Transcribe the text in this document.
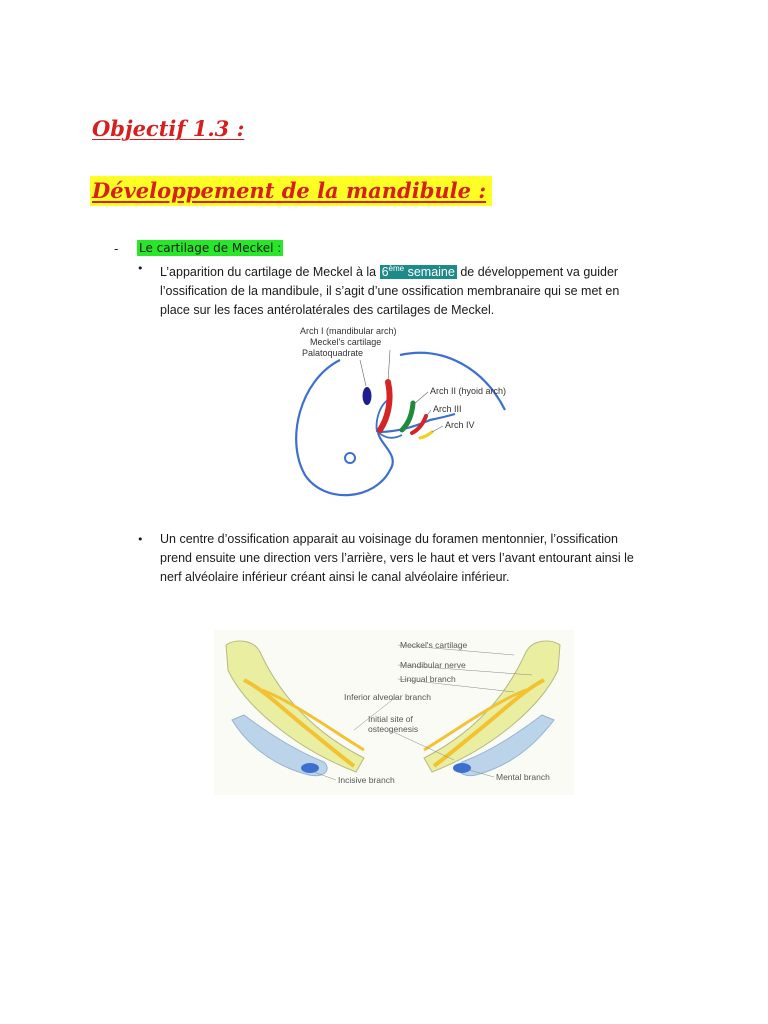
Objectif 1.3 :
Développement de la mandibule :
- Le cartilage de Meckel :
• L’apparition du cartilage de Meckel à la 6ème semaine de développement va guider
l’ossification de la mandibule, il s’agit d’une ossification membranaire qui se met en
place sur les faces antérolatérales des cartilages de Meckel.
Arch I (mandibular arch)
Meckel's cartilage
Palatoquadrate
Arch II (hyoid arch)
Arch III
Arch IV
• Un centre d’ossification apparait au voisinage du foramen mentonnier, l’ossification
prend ensuite une direction vers l’arrière, vers le haut et vers l’avant entourant ainsi le
nerf alvéolaire inférieur créant ainsi le canal alvéolaire inférieur.
Meckel's cartilage
Mandibular nerve
Lingual branch
Inferior alveolar branch
Initial site of
osteogenesis
Incisive branch	Mental branch
